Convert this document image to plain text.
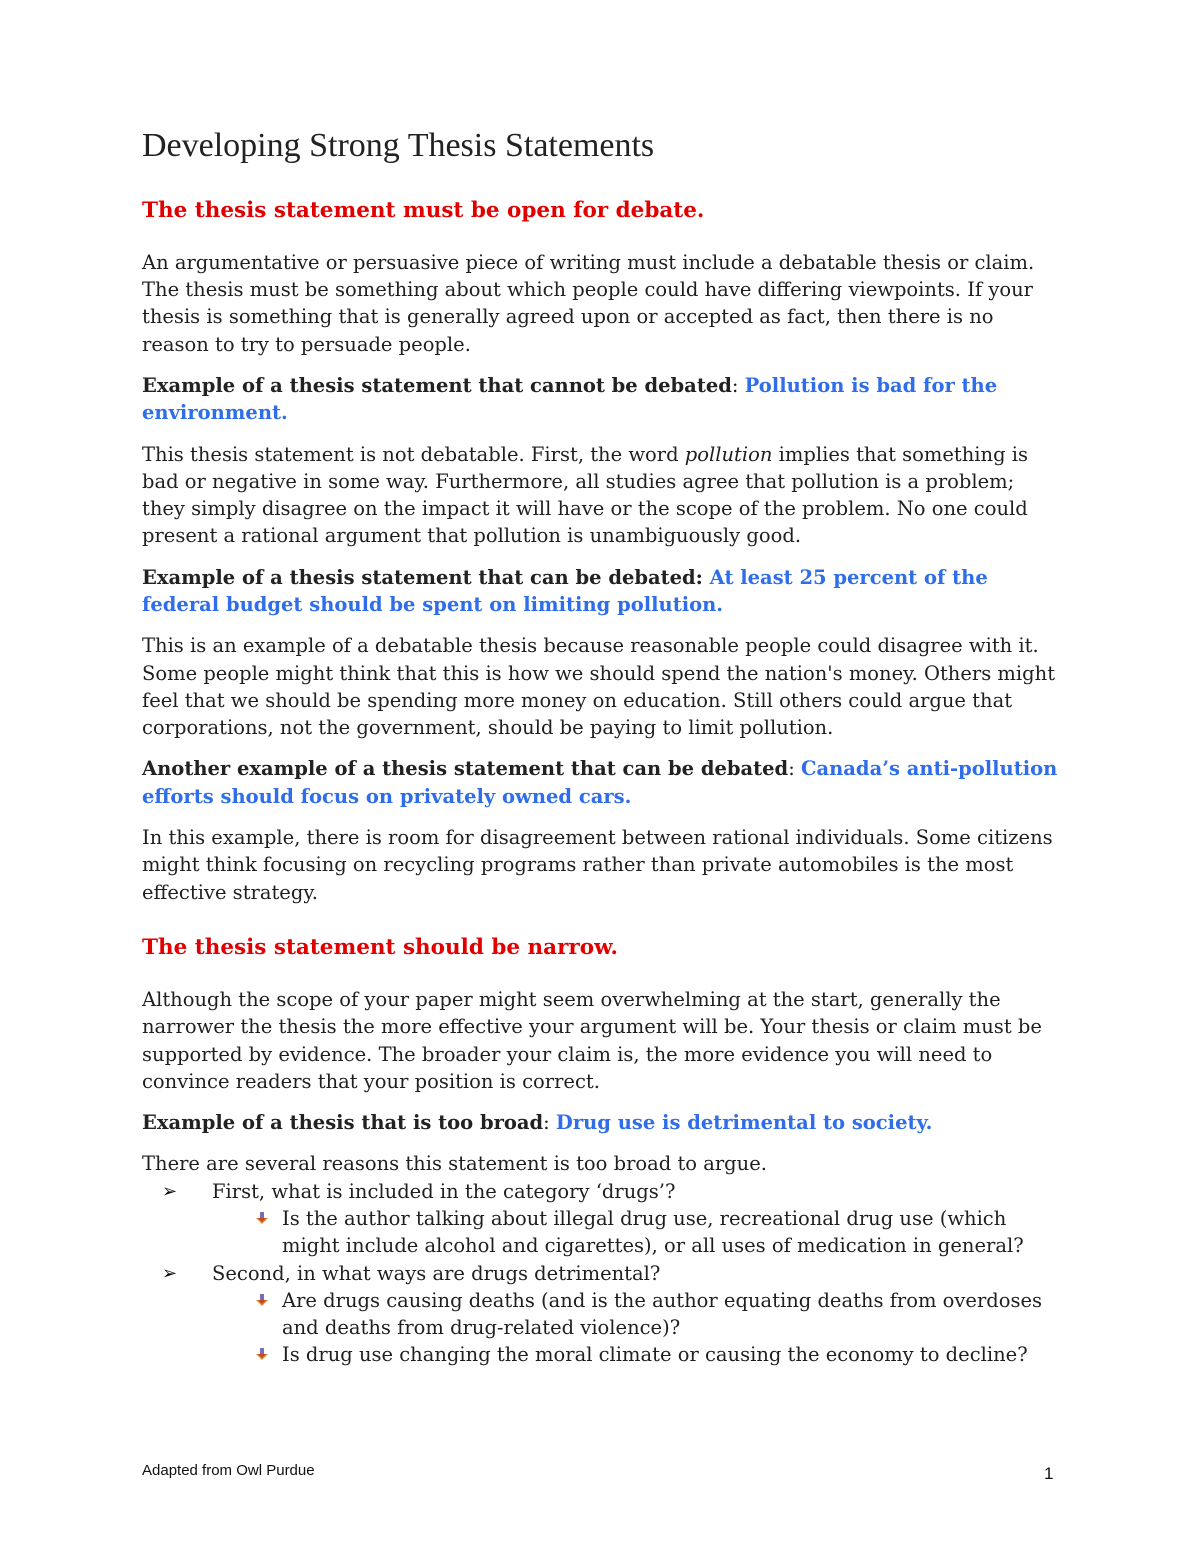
Developing Strong Thesis Statements
The thesis statement must be open for debate.

An argumentative or persuasive piece of writing must include a debatable thesis or claim. The thesis must be something about which people could have differing viewpoints. If your thesis is something that is generally agreed upon or accepted as fact, then there is no reason to try to persuade people.

Example of a thesis statement that cannot be debated: Pollution is bad for the environment.

This thesis statement is not debatable. First, the word pollution implies that something is bad or negative in some way. Furthermore, all studies agree that pollution is a problem; they simply disagree on the impact it will have or the scope of the problem. No one could present a rational argument that pollution is unambiguously good.

Example of a thesis statement that can be debated: At least 25 percent of the federal budget should be spent on limiting pollution.

This is an example of a debatable thesis because reasonable people could disagree with it. Some people might think that this is how we should spend the nation's money. Others might feel that we should be spending more money on education. Still others could argue that corporations, not the government, should be paying to limit pollution.

Another example of a thesis statement that can be debated: Canada’s anti-pollution efforts should focus on privately owned cars.

In this example, there is room for disagreement between rational individuals. Some citizens might think focusing on recycling programs rather than private automobiles is the most effective strategy.

The thesis statement should be narrow.

Although the scope of your paper might seem overwhelming at the start, generally the narrower the thesis the more effective your argument will be. Your thesis or claim must be supported by evidence. The broader your claim is, the more evidence you will need to convince readers that your position is correct.

Example of a thesis that is too broad: Drug use is detrimental to society.

There are several reasons this statement is too broad to argue.

➢	First, what is included in the category ‘drugs’?
Is the author talking about illegal drug use, recreational drug use (which might include alcohol and cigarettes), or all uses of medication in general?
➢	Second, in what ways are drugs detrimental?
Are drugs causing deaths (and is the author equating deaths from overdoses and deaths from drug-related violence)?
Is drug use changing the moral climate or causing the economy to decline?
Adapted from Owl Purdue	1
